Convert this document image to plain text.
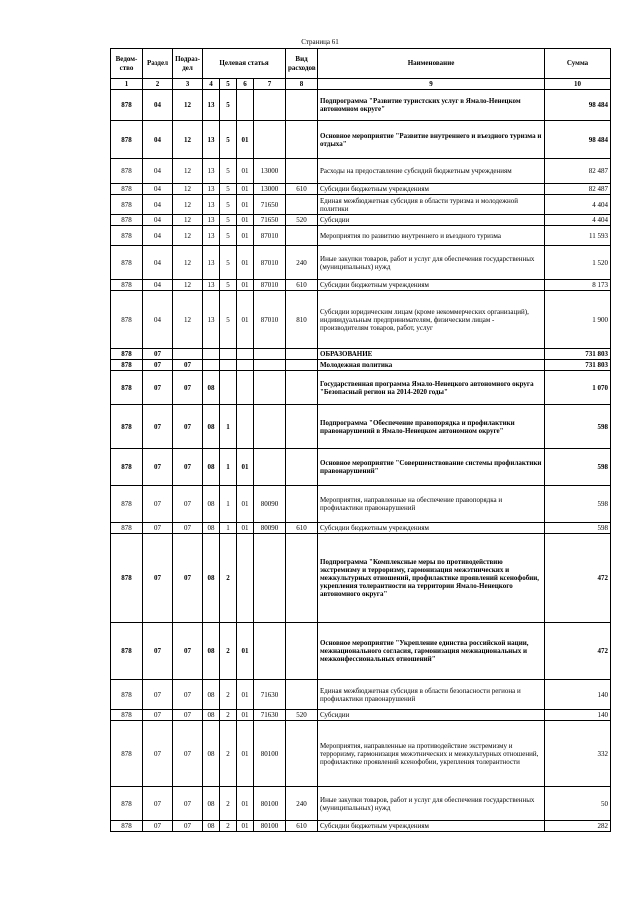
Страница 61
Ведом-ство	Раздел	Подраз-дел	Целевая статья				Вид расходов	Наименование	Сумма
1	2	3	4	5	6	7	8	9	10
878	04	12	13	5				Подпрограмма "Развитие туристских услуг в Ямало-Ненецком автономном округе"	98 484
878	04	12	13	5	01			Основное мероприятие "Развитие внутреннего и въездного туризма и отдыха"	98 484
878	04	12	13	5	01	13000		Расходы на предоставление субсидий бюджетным учреждениям	82 487
878	04	12	13	5	01	13000	610	Субсидии бюджетным учреждениям	82 487
878	04	12	13	5	01	71650		Единая межбюджетная субсидия в области туризма и молодежной политики	4 404
878	04	12	13	5	01	71650	520	Субсидии	4 404
878	04	12	13	5	01	87010		Мероприятия по развитию внутреннего и въездного туризма	11 593
878	04	12	13	5	01	87010	240	Иные закупки товаров, работ и услуг для обеспечения государственных (муниципальных) нужд	1 520
878	04	12	13	5	01	87010	610	Субсидии бюджетным учреждениям	8 173
878	04	12	13	5	01	87010	810	Субсидии юридическим лицам (кроме некоммерческих организаций), индивидуальным предпринимателям, физическим лицам - производителям товаров, работ, услуг	1 900
878	07							ОБРАЗОВАНИЕ	731 803
878	07	07						Молодежная политика	731 803
878	07	07	08					Государственная программа Ямало-Ненецкого автономного округа "Безопасный регион на 2014-2020 годы"	1 070
878	07	07	08	1				Подпрограмма "Обеспечение правопорядка и профилактики правонарушений в Ямало-Ненецком автономном округе"	598
878	07	07	08	1	01			Основное мероприятие "Совершенствование системы профилактики правонарушений"	598
878	07	07	08	1	01	80090		Мероприятия, направленные на обеспечение правопорядка и профилактики правонарушений	598
878	07	07	08	1	01	80090	610	Субсидии бюджетным учреждениям	598
878	07	07	08	2				Подпрограмма "Комплексные меры по противодействию экстремизму и терроризму, гармонизация межэтнических и межкультурных отношений, профилактике проявлений ксенофобии, укрепления толерантности на территории Ямало-Ненецкого автономного округа"	472
878	07	07	08	2	01			Основное мероприятие "Укрепление единства российской нации, межнационального согласия, гармонизация межнациональных и межконфессиональных отношений"	472
878	07	07	08	2	01	71630		Единая межбюджетная субсидия в области безопасности региона и профилактики правонарушений	140
878	07	07	08	2	01	71630	520	Субсидии	140
878	07	07	08	2	01	80100		Мероприятия, направленные на противодействие экстремизму и терроризму, гармонизация межэтнических и межкультурных отношений, профилактике проявлений ксенофобии, укрепления толерантности	332
878	07	07	08	2	01	80100	240	Иные закупки товаров, работ и услуг для обеспечения государственных (муниципальных) нужд	50
878	07	07	08	2	01	80100	610	Субсидии бюджетным учреждениям	282
